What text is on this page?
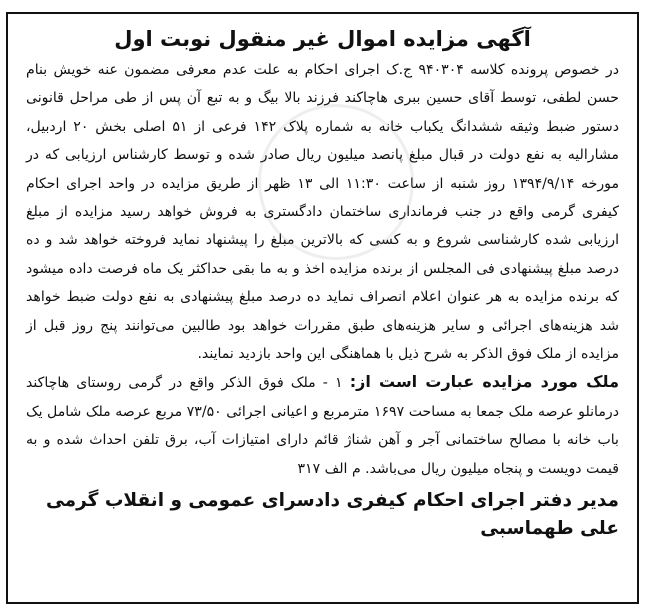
آگهی مزایده اموال غیر منقول نوبت اول

در خصوص پرونده کلاسه ۹۴۰۳۰۴ ج.ک اجرای احکام به علت عدم معرفی مضمون عنه خویش بنام حسن لطفی، توسط آقای حسین ببری هاچاکند فرزند بالا بیگ و به تبع آن پس از طی مراحل قانونی دستور ضبط وثیقه ششدانگ یکباب خانه به شماره پلاک ۱۴۲ فرعی از ۵۱ اصلی بخش ۲۰ اردبیل، مشارالیه به نفع دولت در قبال مبلغ پانصد میلیون ریال صادر شده و توسط کارشناس ارزیابی که در مورخه ۱۳۹۴/۹/۱۴ روز شنبه از ساعت ۱۱:۳۰ الی ۱۳ ظهر از طریق مزایده در واحد اجرای احکام کیفری گرمی واقع در جنب فرمانداری ساختمان دادگستری به فروش خواهد رسید مزایده از مبلغ ارزیابی شده کارشناسی شروع و به کسی که بالاترین مبلغ را پیشنهاد نماید فروخته خواهد شد و ده درصد مبلغ پیشنهادی فی المجلس از برنده مزایده اخذ و به ما بقی حداکثر یک ماه فرصت داده میشود که برنده مزایده به هر عنوان اعلام انصراف نماید ده درصد مبلغ پیشنهادی به نفع دولت ضبط خواهد شد هزینه‌های اجرائی و سایر هزینه‌های طبق مقررات خواهد بود طالبین می‌توانند پنج روز قبل از مزایده از ملک فوق الذکر به شرح ذیل با هماهنگی این واحد بازدید نمایند.
ملک مورد مزایده عبارت است از: ۱ - ملک فوق الذکر واقع در گرمی روستای هاچاکند درمانلو عرصه ملک جمعا به مساحت ۱۶۹۷ مترمربع و اعیانی اجرائی ۷۳/۵۰ مربع عرصه ملک شامل یک باب خانه با مصالح ساختمانی آجر و آهن شناژ قائم دارای امتیازات آب، برق تلفن احداث شده و به قیمت دویست و پنجاه میلیون ریال می‌باشد. م الف ۳۱۷

مدیر دفتر اجرای احکام کیفری دادسرای عمومی و انقلاب گرمی
علی طهماسبی
